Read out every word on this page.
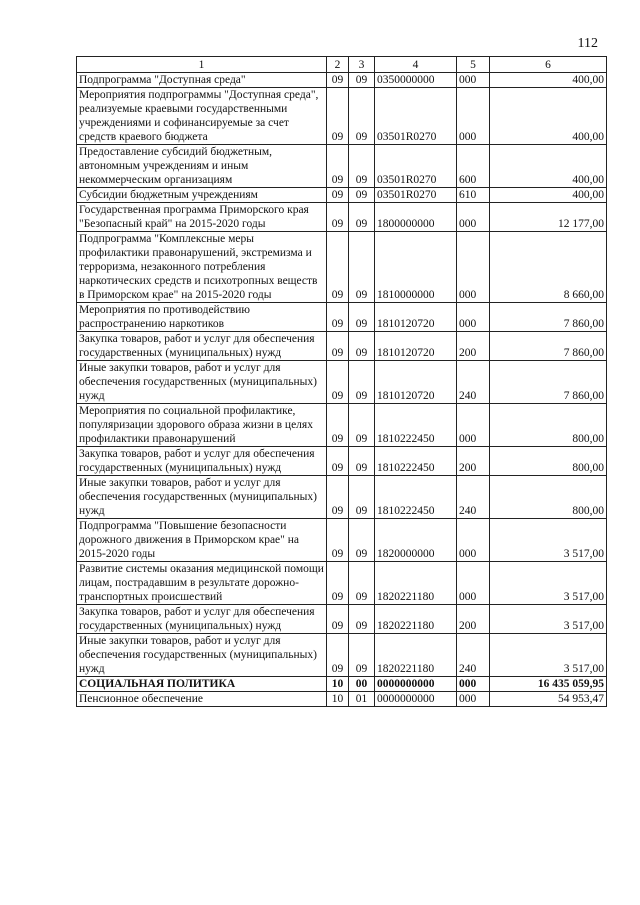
112
1	2	3	4	5	6
Подпрограмма "Доступная среда"	09	09	0350000000	000	400,00
Мероприятия подпрограммы "Доступная среда", реализуемые краевыми государственными учреждениями и софинансируемые за счет средств краевого бюджета	09	09	03501R0270	000	400,00
Предоставление субсидий бюджетным, автономным учреждениям и иным некоммерческим организациям	09	09	03501R0270	600	400,00
Субсидии бюджетным учреждениям	09	09	03501R0270	610	400,00
Государственная программа Приморского края "Безопасный край" на 2015-2020 годы	09	09	1800000000	000	12 177,00
Подпрограмма "Комплексные меры профилактики правонарушений, экстремизма и терроризма, незаконного потребления наркотических средств и психотропных веществ в Приморском крае" на 2015-2020 годы	09	09	1810000000	000	8 660,00
Мероприятия по противодействию распространению наркотиков	09	09	1810120720	000	7 860,00
Закупка товаров, работ и услуг для обеспечения государственных (муниципальных) нужд	09	09	1810120720	200	7 860,00
Иные закупки товаров, работ и услуг для обеспечения государственных (муниципальных) нужд	09	09	1810120720	240	7 860,00
Мероприятия по социальной профилактике, популяризации здорового образа жизни в целях профилактики правонарушений	09	09	1810222450	000	800,00
Закупка товаров, работ и услуг для обеспечения государственных (муниципальных) нужд	09	09	1810222450	200	800,00
Иные закупки товаров, работ и услуг для обеспечения государственных (муниципальных) нужд	09	09	1810222450	240	800,00
Подпрограмма "Повышение безопасности дорожного движения в Приморском крае" на 2015-2020 годы	09	09	1820000000	000	3 517,00
Развитие системы оказания медицинской помощи лицам, пострадавшим в результате дорожно-транспортных происшествий	09	09	1820221180	000	3 517,00
Закупка товаров, работ и услуг для обеспечения государственных (муниципальных) нужд	09	09	1820221180	200	3 517,00
Иные закупки товаров, работ и услуг для обеспечения государственных (муниципальных) нужд	09	09	1820221180	240	3 517,00
СОЦИАЛЬНАЯ ПОЛИТИКА	10	00	0000000000	000	16 435 059,95
Пенсионное обеспечение	10	01	0000000000	000	54 953,47
